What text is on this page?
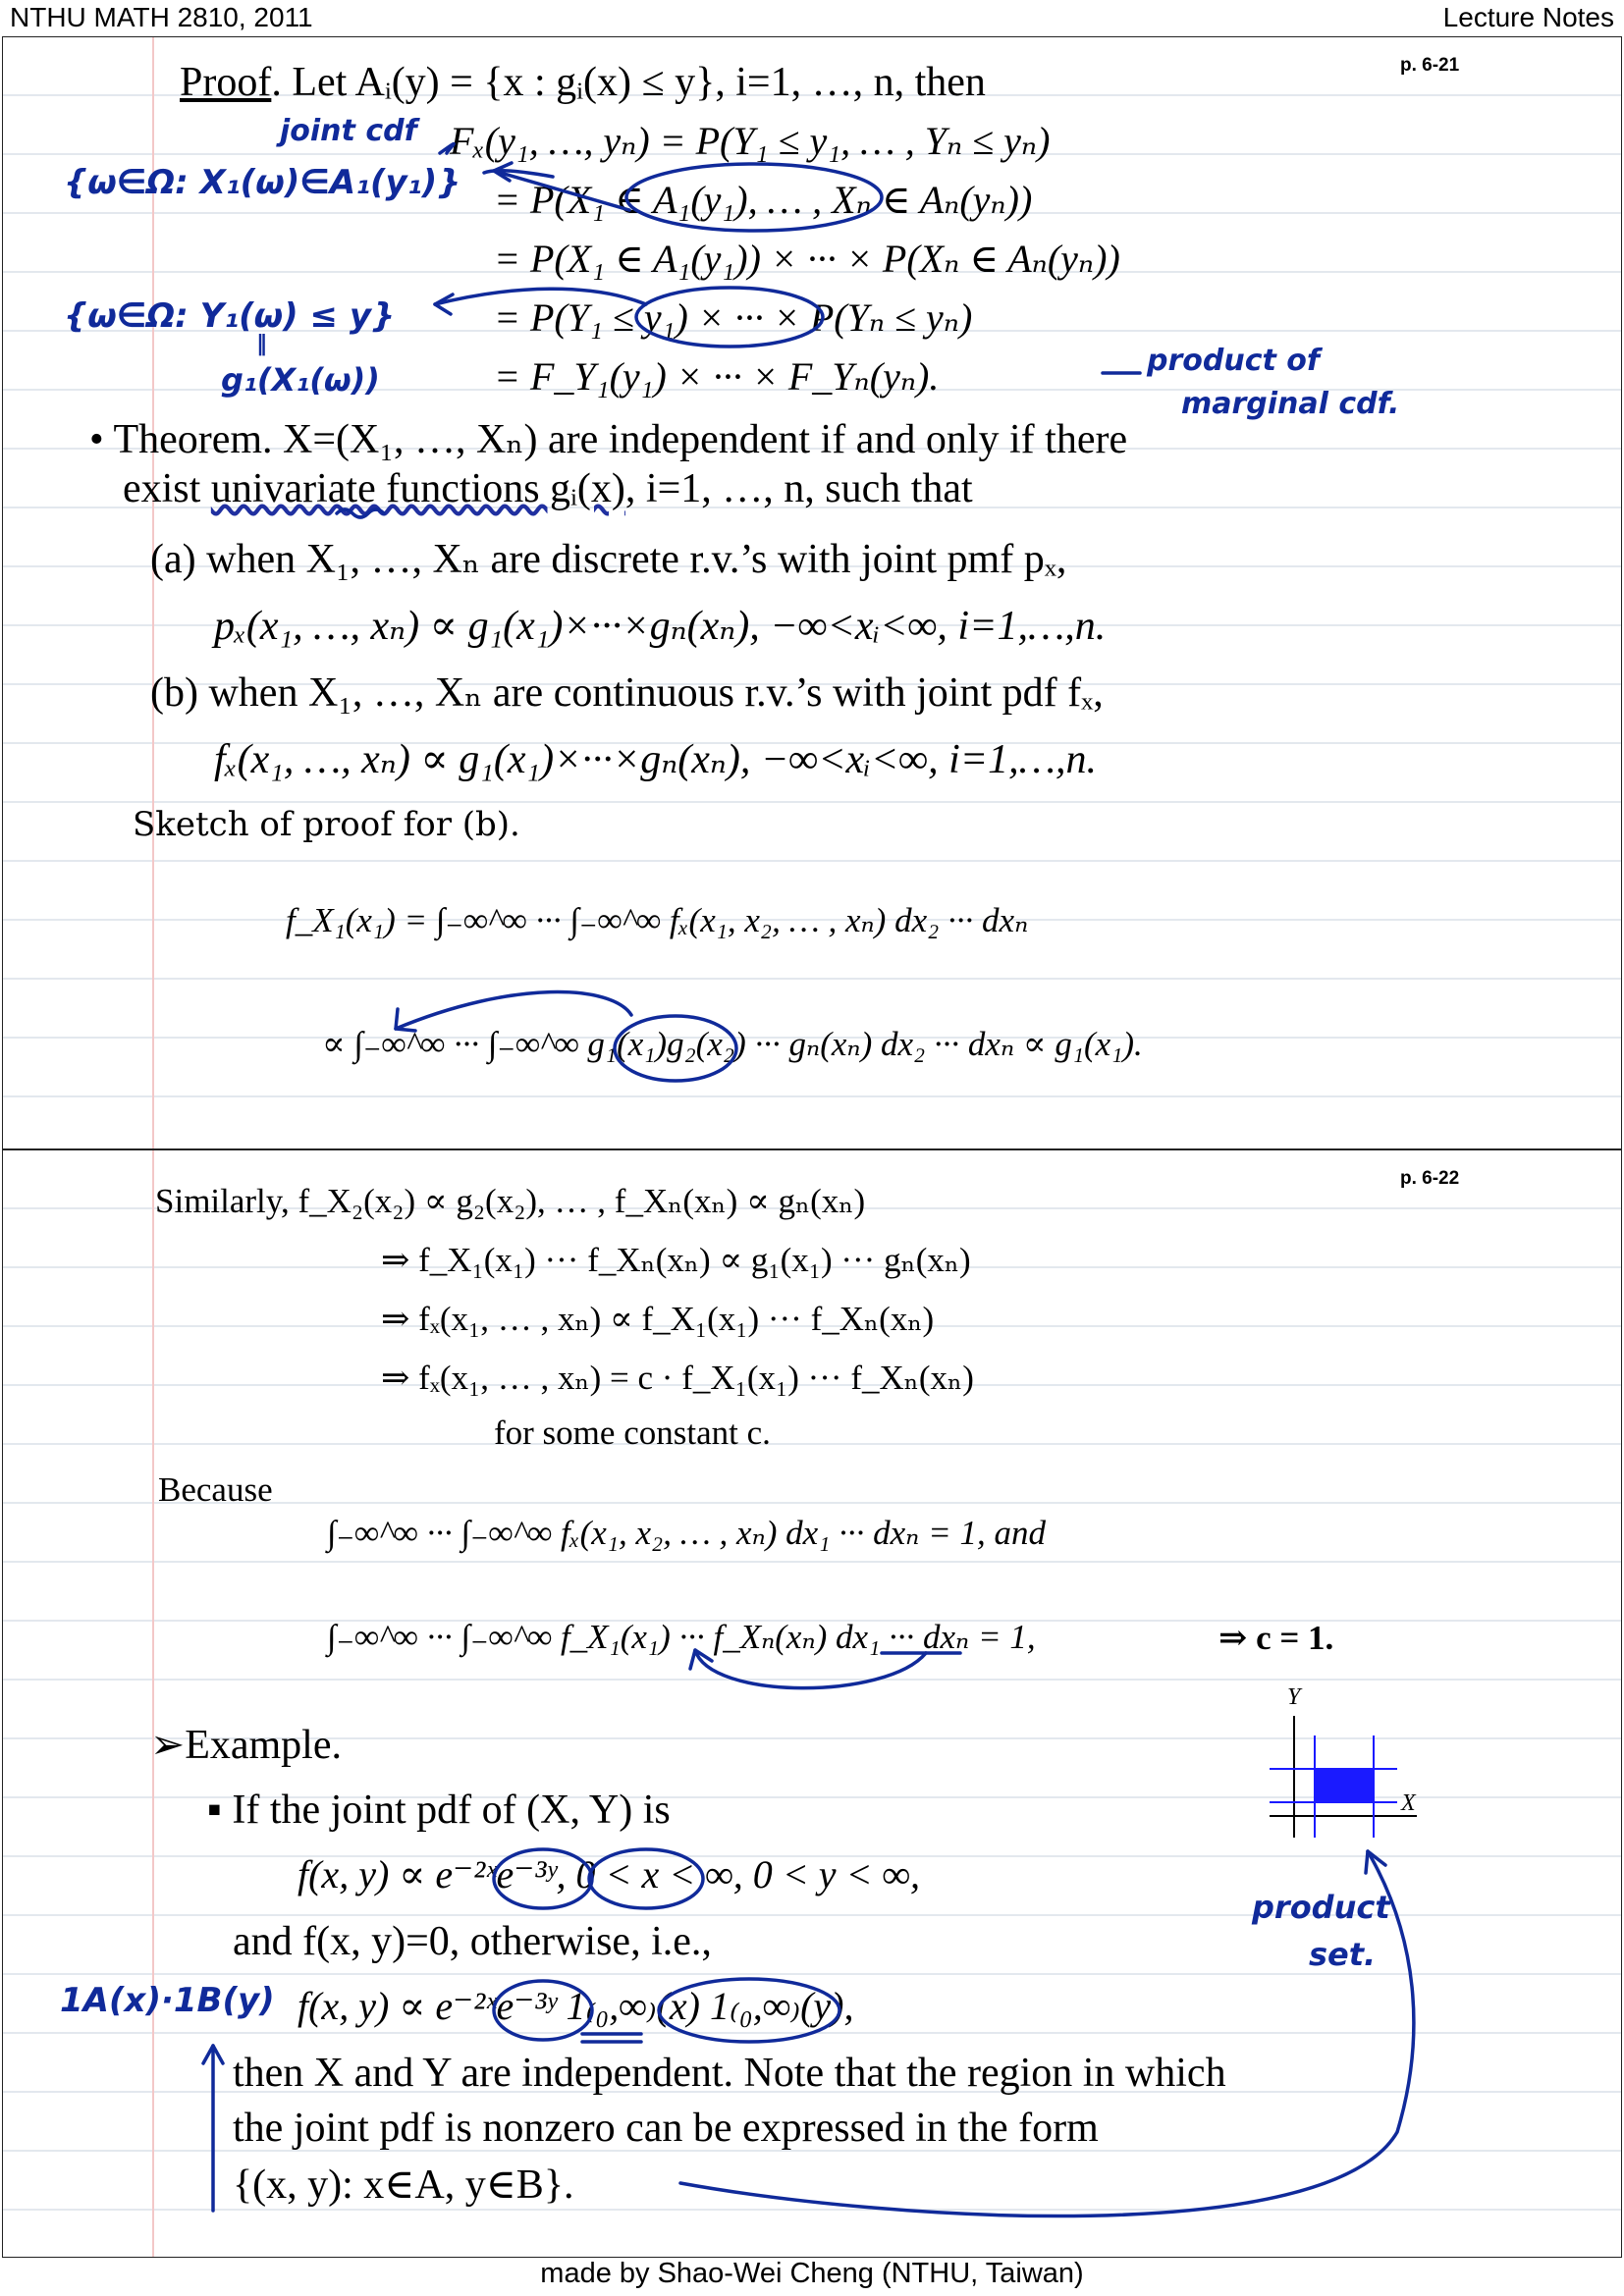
NTHU MATH 2810, 2011	Lecture Notes
p. 6-21
Proof. Let Aᵢ(y) = {x : gᵢ(x) ≤ y}, i=1, …, n, then
Fₓ(y₁, …, yₙ) = P(Y₁ ≤ y₁, … , Yₙ ≤ yₙ)
= P(X₁ ∈ A₁(y₁), … , Xₙ ∈ Aₙ(yₙ))
= P(X₁ ∈ A₁(y₁)) × ··· × P(Xₙ ∈ Aₙ(yₙ))
= P(Y₁ ≤ y₁) × ··· × P(Yₙ ≤ yₙ)
= F_Y₁(y₁) × ··· × F_Yₙ(yₙ).
• Theorem. X=(X₁, …, Xₙ) are independent if and only if there
exist univariate functions gᵢ(x), i=1, …, n, such that
(a) when X₁, …, Xₙ are discrete r.v.’s with joint pmf pₓ,
pₓ(x₁, …, xₙ) ∝ g₁(x₁)×···×gₙ(xₙ), −∞<xᵢ<∞, i=1,…,n.
(b) when X₁, …, Xₙ are continuous r.v.’s with joint pdf fₓ,
fₓ(x₁, …, xₙ) ∝ g₁(x₁)×···×gₙ(xₙ), −∞<xᵢ<∞, i=1,…,n.
Sketch of proof for (b).
f_X₁(x₁) = ∫₋∞^∞ ··· ∫₋∞^∞ fₓ(x₁, x₂, … , xₙ) dx₂ ··· dxₙ
∝ ∫₋∞^∞ ··· ∫₋∞^∞ g₁(x₁)g₂(x₂) ··· gₙ(xₙ) dx₂ ··· dxₙ ∝ g₁(x₁).
joint cdf
{ω∈Ω: X₁(ω)∈A₁(y₁)}
{ω∈Ω: Y₁(ω) ≤ y}
‖
g₁(X₁(ω))
product of
marginal cdf.
p. 6-22
Similarly, f_X₂(x₂) ∝ g₂(x₂), … , f_Xₙ(xₙ) ∝ gₙ(xₙ)
⇒ f_X₁(x₁) ··· f_Xₙ(xₙ) ∝ g₁(x₁) ··· gₙ(xₙ)
⇒ fₓ(x₁, … , xₙ) ∝ f_X₁(x₁) ··· f_Xₙ(xₙ)
⇒ fₓ(x₁, … , xₙ) = c · f_X₁(x₁) ··· f_Xₙ(xₙ)
for some constant c.
Because
∫₋∞^∞ ··· ∫₋∞^∞ fₓ(x₁, x₂, … , xₙ) dx₁ ··· dxₙ = 1, and
∫₋∞^∞ ··· ∫₋∞^∞ f_X₁(x₁) ··· f_Xₙ(xₙ) dx₁ ··· dxₙ = 1,	⇒ c = 1.
➢Example.
▪ If the joint pdf of (X, Y) is
f(x, y) ∝ e⁻²ˣe⁻³ʸ, 0 < x < ∞, 0 < y < ∞,
and f(x, y)=0, otherwise, i.e.,
f(x, y) ∝ e⁻²ˣe⁻³ʸ 1₍₀,∞₎(x) 1₍₀,∞₎(y),
then X and Y are independent. Note that the region in which
the joint pdf is nonzero can be expressed in the form
{(x, y): x∈A, y∈B}.
Y
X
1A(x)·1B(y)
product
set.
made by Shao-Wei Cheng (NTHU, Taiwan)
